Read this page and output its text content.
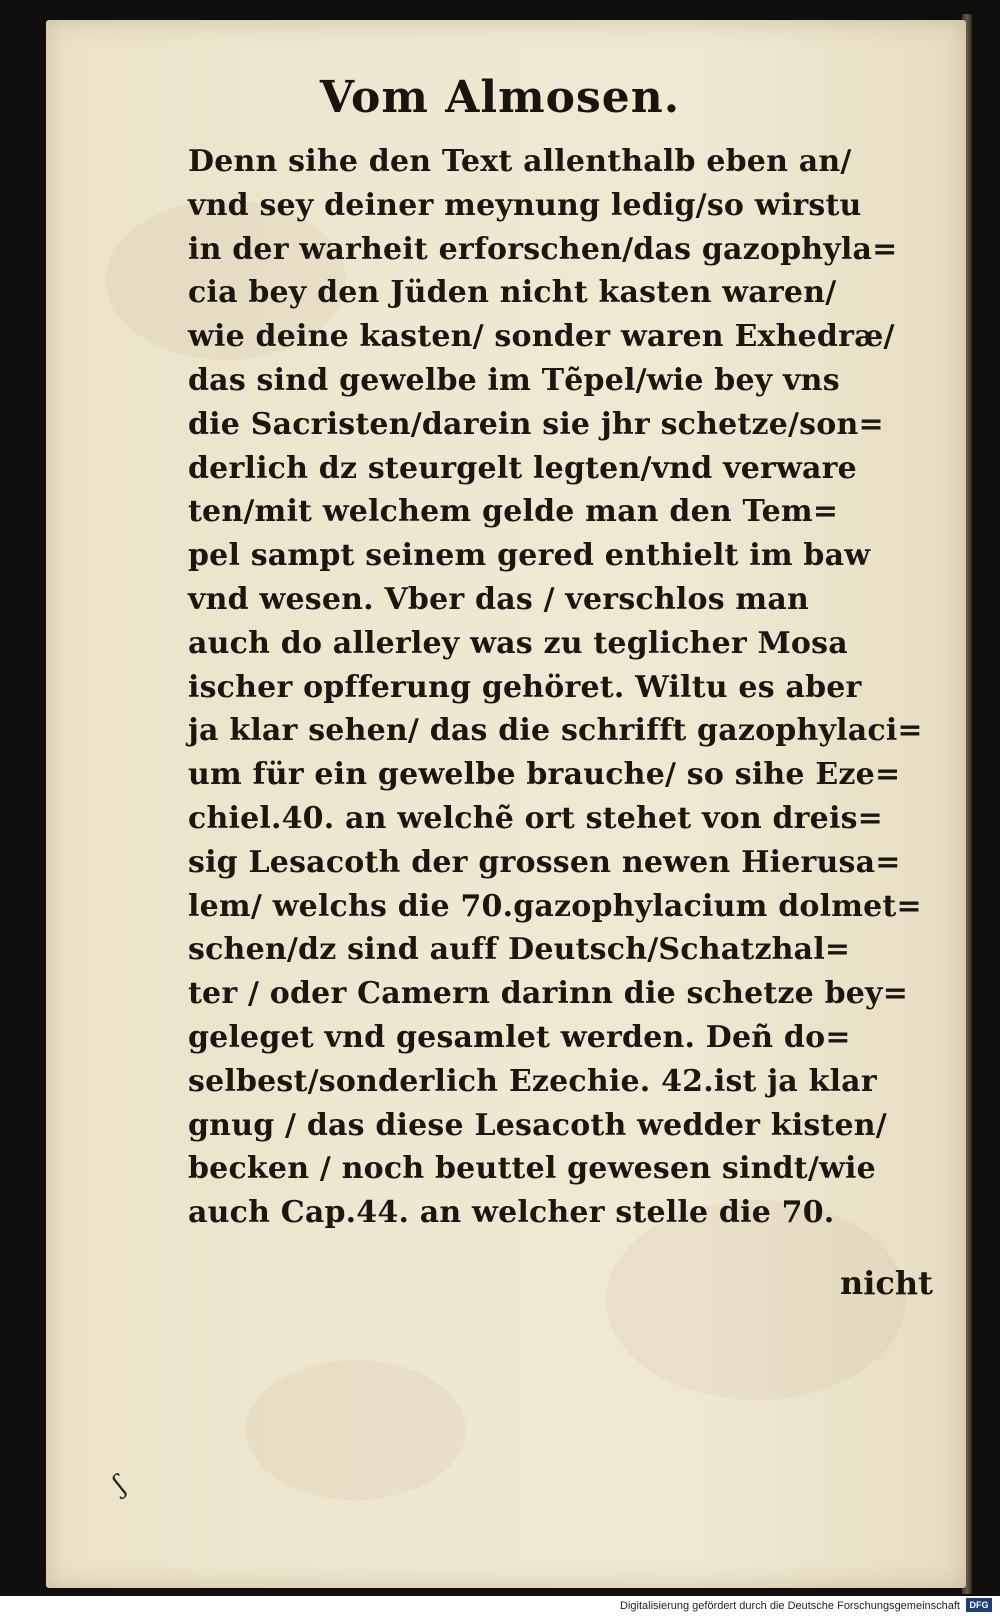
Vom Almosen.
Denn sihe den Text allenthalb eben an/
vnd sey deiner meynung ledig/so wirstu
in der warheit erforschen/das gazophyla=
cia bey den Jüden nicht kasten waren/
wie deine kasten/ sonder waren Exhedræ/
das sind gewelbe im Tẽpel/wie bey vns
die Sacristen/darein sie jhr schetze/son=
derlich dz steurgelt legten/vnd verware
ten/mit welchem gelde man den Tem=
pel sampt seinem gered enthielt im baw
vnd wesen. Vber das / verschlos man
auch do allerley was zu teglicher Mosa
ischer opfferung gehöret. Wiltu es aber
ja klar sehen/ das die schrifft gazophylaci=
um für ein gewelbe brauche/ so sihe Eze=
chiel.40. an welchẽ ort stehet von dreis=
sig Lesacoth der grossen newen Hierusa=
lem/ welchs die 70.gazophylacium dolmet=
schen/dz sind auff Deutsch/Schatzhal=
ter / oder Camern darinn die schetze bey=
geleget vnd gesamlet werden. Deñ do=
selbest/sonderlich Ezechie. 42.ist ja klar
gnug / das diese Lesacoth wedder kisten/
becken / noch beuttel gewesen sindt/wie
auch Cap.44. an welcher stelle die 70.
nicht
ʃ
Digitalisierung gefördert durch die Deutsche Forschungsgemeinschaft	DFG
